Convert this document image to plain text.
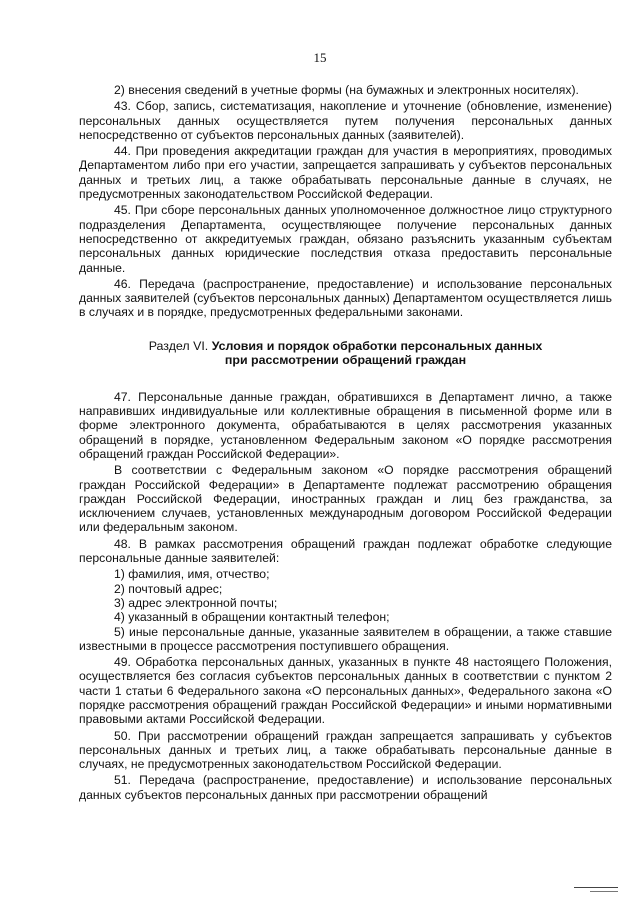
15

2) внесения сведений в учетные формы (на бумажных и электронных носителях).

43. Сбор, запись, систематизация, накопление и уточнение (обновление, изменение) персональных данных осуществляется путем получения персональных данных непосредственно от субъектов персональных данных (заявителей).

44. При проведения аккредитации граждан для участия в мероприятиях, проводимых Департаментом либо при его участии, запрещается запрашивать у субъектов персональных данных и третьих лиц, а также обрабатывать персональные данные в случаях, не предусмотренных законодательством Российской Федерации.

45. При сборе персональных данных уполномоченное должностное лицо структурного подразделения Департамента, осуществляющее получение персональных данных непосредственно от аккредитуемых граждан, обязано разъяснить указанным субъектам персональных данных юридические последствия отказа предоставить персональные данные.

46. Передача (распространение, предоставление) и использование персональных данных заявителей (субъектов персональных данных) Департаментом осуществляется лишь в случаях и в порядке, предусмотренных федеральными законами.

Раздел VI. Условия и порядок обработки персональных данных
при рассмотрении обращений граждан

47. Персональные данные граждан, обратившихся в Департамент лично, а также направивших индивидуальные или коллективные обращения в письменной форме или в форме электронного документа, обрабатываются в целях рассмотрения указанных обращений в порядке, установленном Федеральным законом «О порядке рассмотрения обращений граждан Российской Федерации».

В соответствии с Федеральным законом «О порядке рассмотрения обращений граждан Российской Федерации» в Департаменте подлежат рассмотрению обращения граждан Российской Федерации, иностранных граждан и лиц без гражданства, за исключением случаев, установленных международным договором Российской Федерации или федеральным законом.

48. В рамках рассмотрения обращений граждан подлежат обработке следующие персональные данные заявителей:

1) фамилия, имя, отчество;

2) почтовый адрес;

3) адрес электронной почты;

4) указанный в обращении контактный телефон;

5) иные персональные данные, указанные заявителем в обращении, а также ставшие известными в процессе рассмотрения поступившего обращения.

49. Обработка персональных данных, указанных в пункте 48 настоящего Положения, осуществляется без согласия субъектов персональных данных в соответствии с пунктом 2 части 1 статьи 6 Федерального закона «О персональных данных», Федерального закона «О порядке рассмотрения обращений граждан Российской Федерации» и иными нормативными правовыми актами Российской Федерации.

50. При рассмотрении обращений граждан запрещается запрашивать у субъектов персональных данных и третьих лиц, а также обрабатывать персональные данные в случаях, не предусмотренных законодательством Российской Федерации.

51. Передача (распространение, предоставление) и использование персональных данных субъектов персональных данных при рассмотрении обращений
